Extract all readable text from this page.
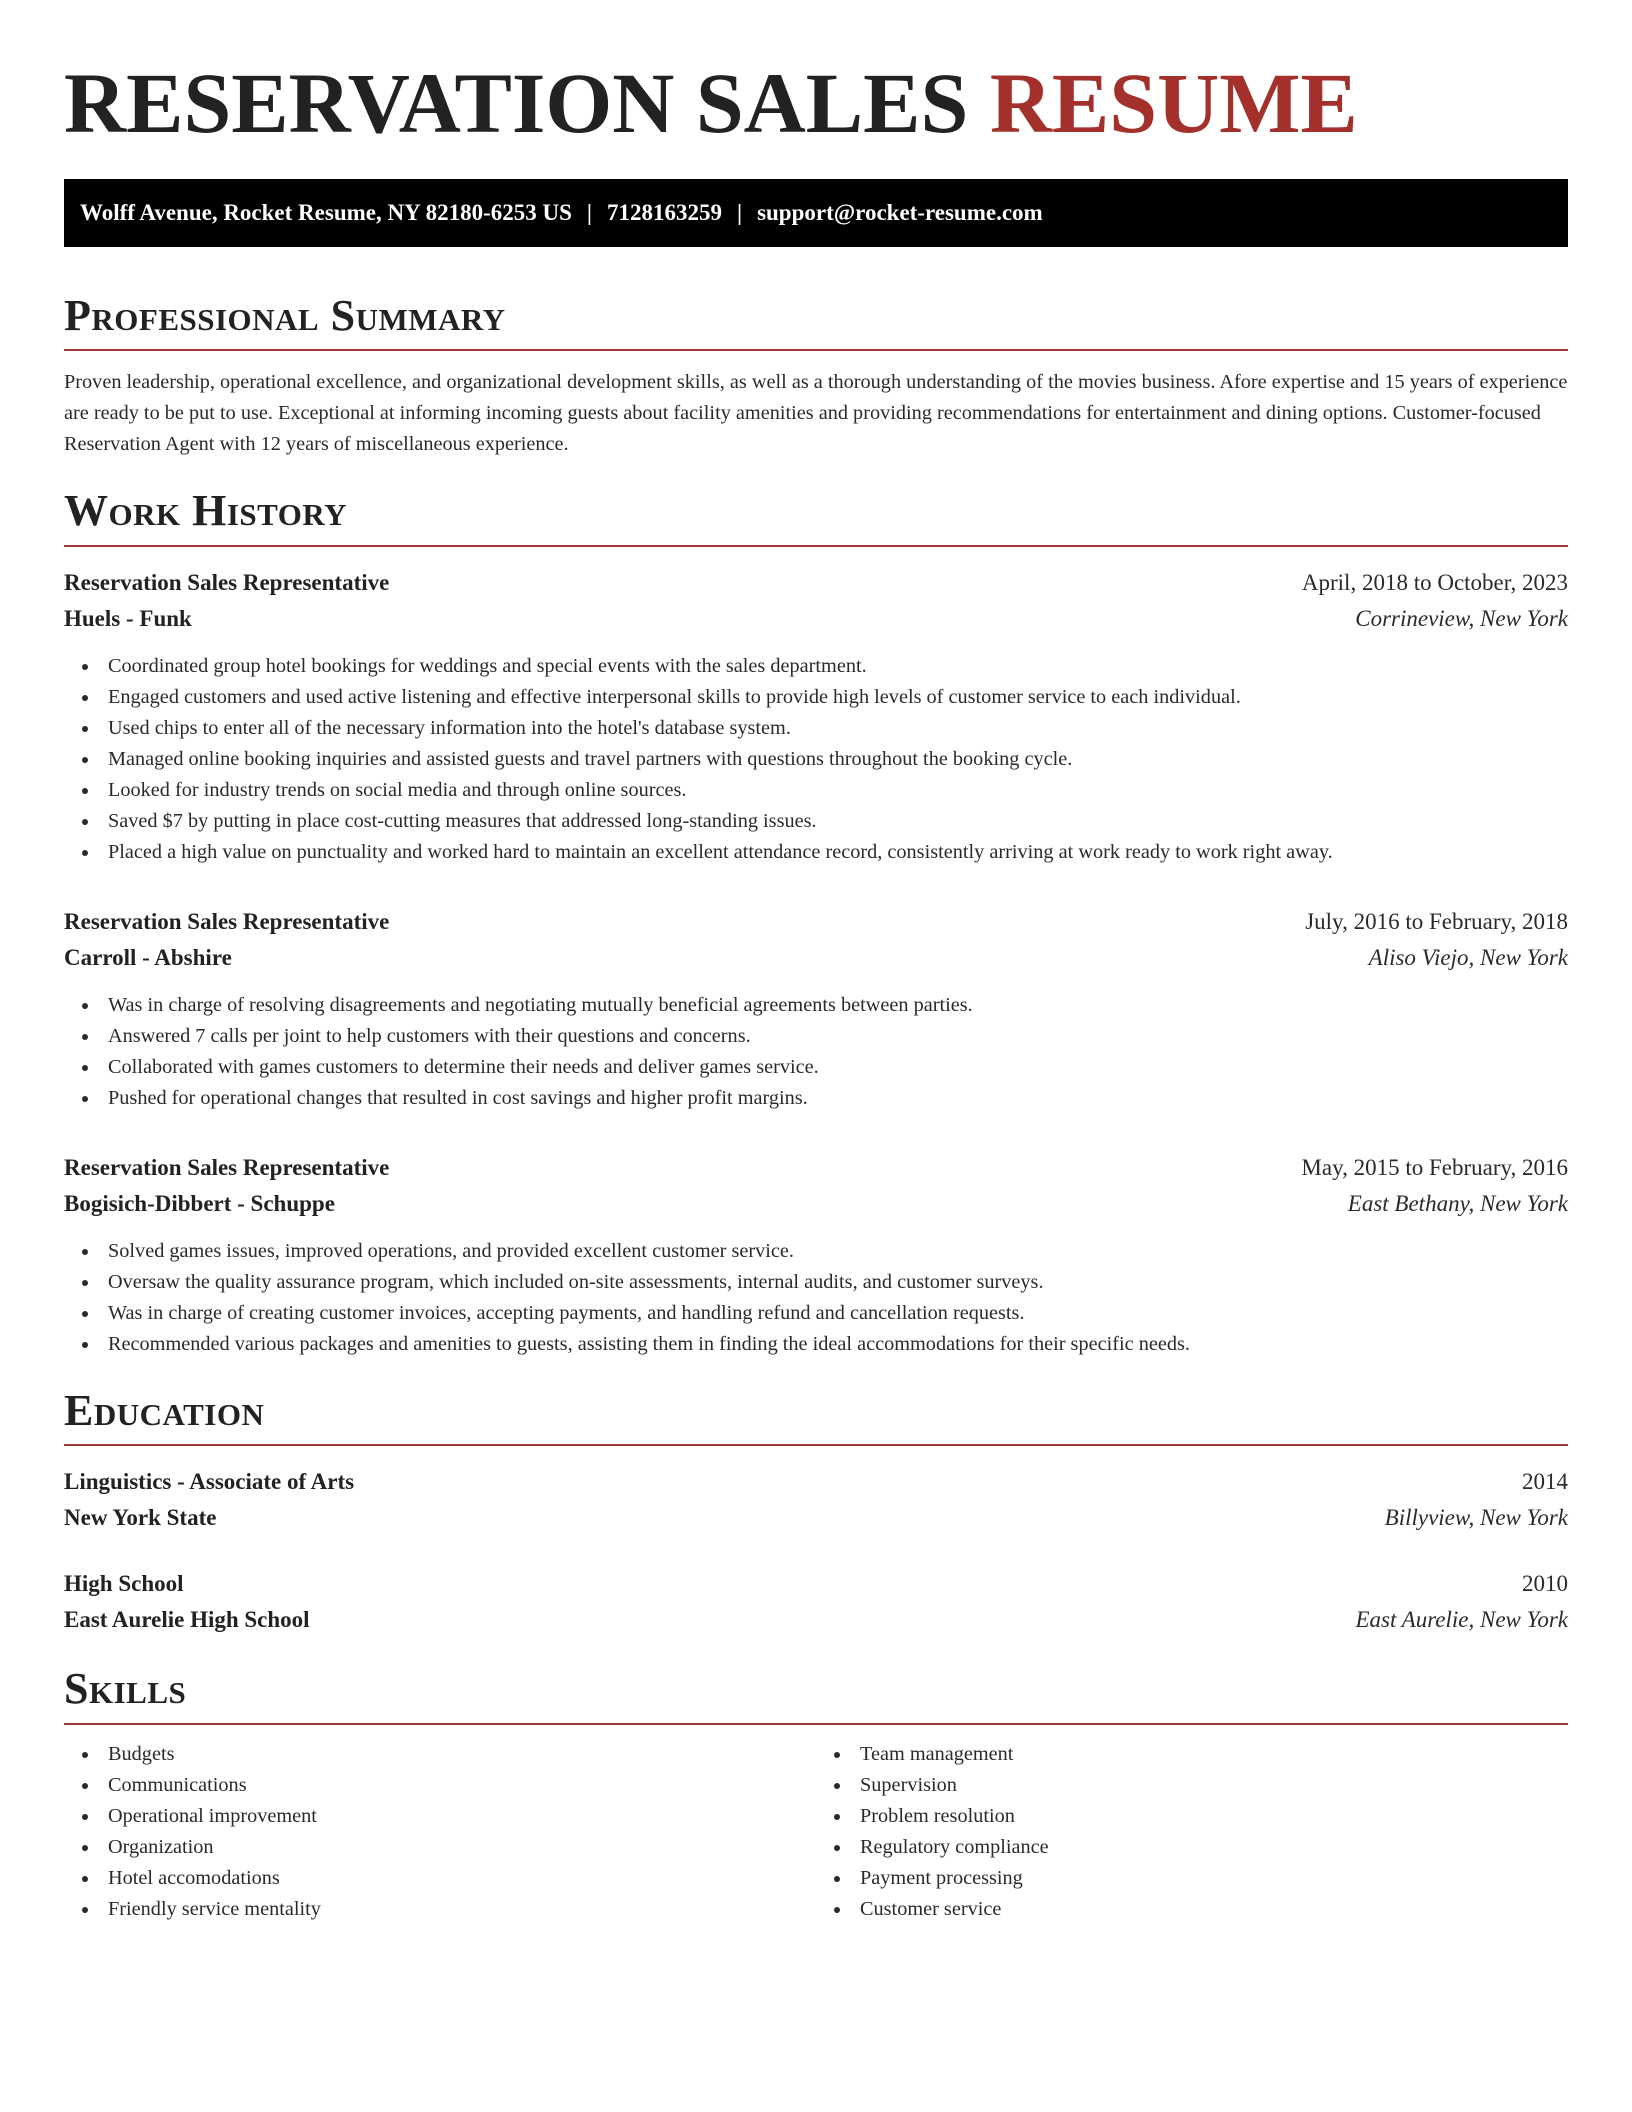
RESERVATION SALES RESUME
Wolff Avenue, Rocket Resume, NY 82180-6253 US | 7128163259 | support@rocket-resume.com
Professional Summary

Proven leadership, operational excellence, and organizational development skills, as well as a thorough understanding of the movies business. Afore expertise and 15 years of experience are ready to be put to use. Exceptional at informing incoming guests about facility amenities and providing recommendations for entertainment and dining options. Customer-focused Reservation Agent with 12 years of miscellaneous experience.

Work History
Reservation Sales Representative	April, 2018 to October, 2023
Huels - Funk	Corrineview, New York
Coordinated group hotel bookings for weddings and special events with the sales department.
Engaged customers and used active listening and effective interpersonal skills to provide high levels of customer service to each individual.
Used chips to enter all of the necessary information into the hotel's database system.
Managed online booking inquiries and assisted guests and travel partners with questions throughout the booking cycle.
Looked for industry trends on social media and through online sources.
Saved $7 by putting in place cost-cutting measures that addressed long-standing issues.
Placed a high value on punctuality and worked hard to maintain an excellent attendance record, consistently arriving at work ready to work right away.
Reservation Sales Representative	July, 2016 to February, 2018
Carroll - Abshire	Aliso Viejo, New York
Was in charge of resolving disagreements and negotiating mutually beneficial agreements between parties.
Answered 7 calls per joint to help customers with their questions and concerns.
Collaborated with games customers to determine their needs and deliver games service.
Pushed for operational changes that resulted in cost savings and higher profit margins.
Reservation Sales Representative	May, 2015 to February, 2016
Bogisich-Dibbert - Schuppe	East Bethany, New York
Solved games issues, improved operations, and provided excellent customer service.
Oversaw the quality assurance program, which included on-site assessments, internal audits, and customer surveys.
Was in charge of creating customer invoices, accepting payments, and handling refund and cancellation requests.
Recommended various packages and amenities to guests, assisting them in finding the ideal accommodations for their specific needs.
Education
Linguistics - Associate of Arts	2014
New York State	Billyview, New York
High School	2010
East Aurelie High School	East Aurelie, New York
Skills
Budgets
Communications
Operational improvement
Organization
Hotel accomodations
Friendly service mentality
Team management
Supervision
Problem resolution
Regulatory compliance
Payment processing
Customer service
